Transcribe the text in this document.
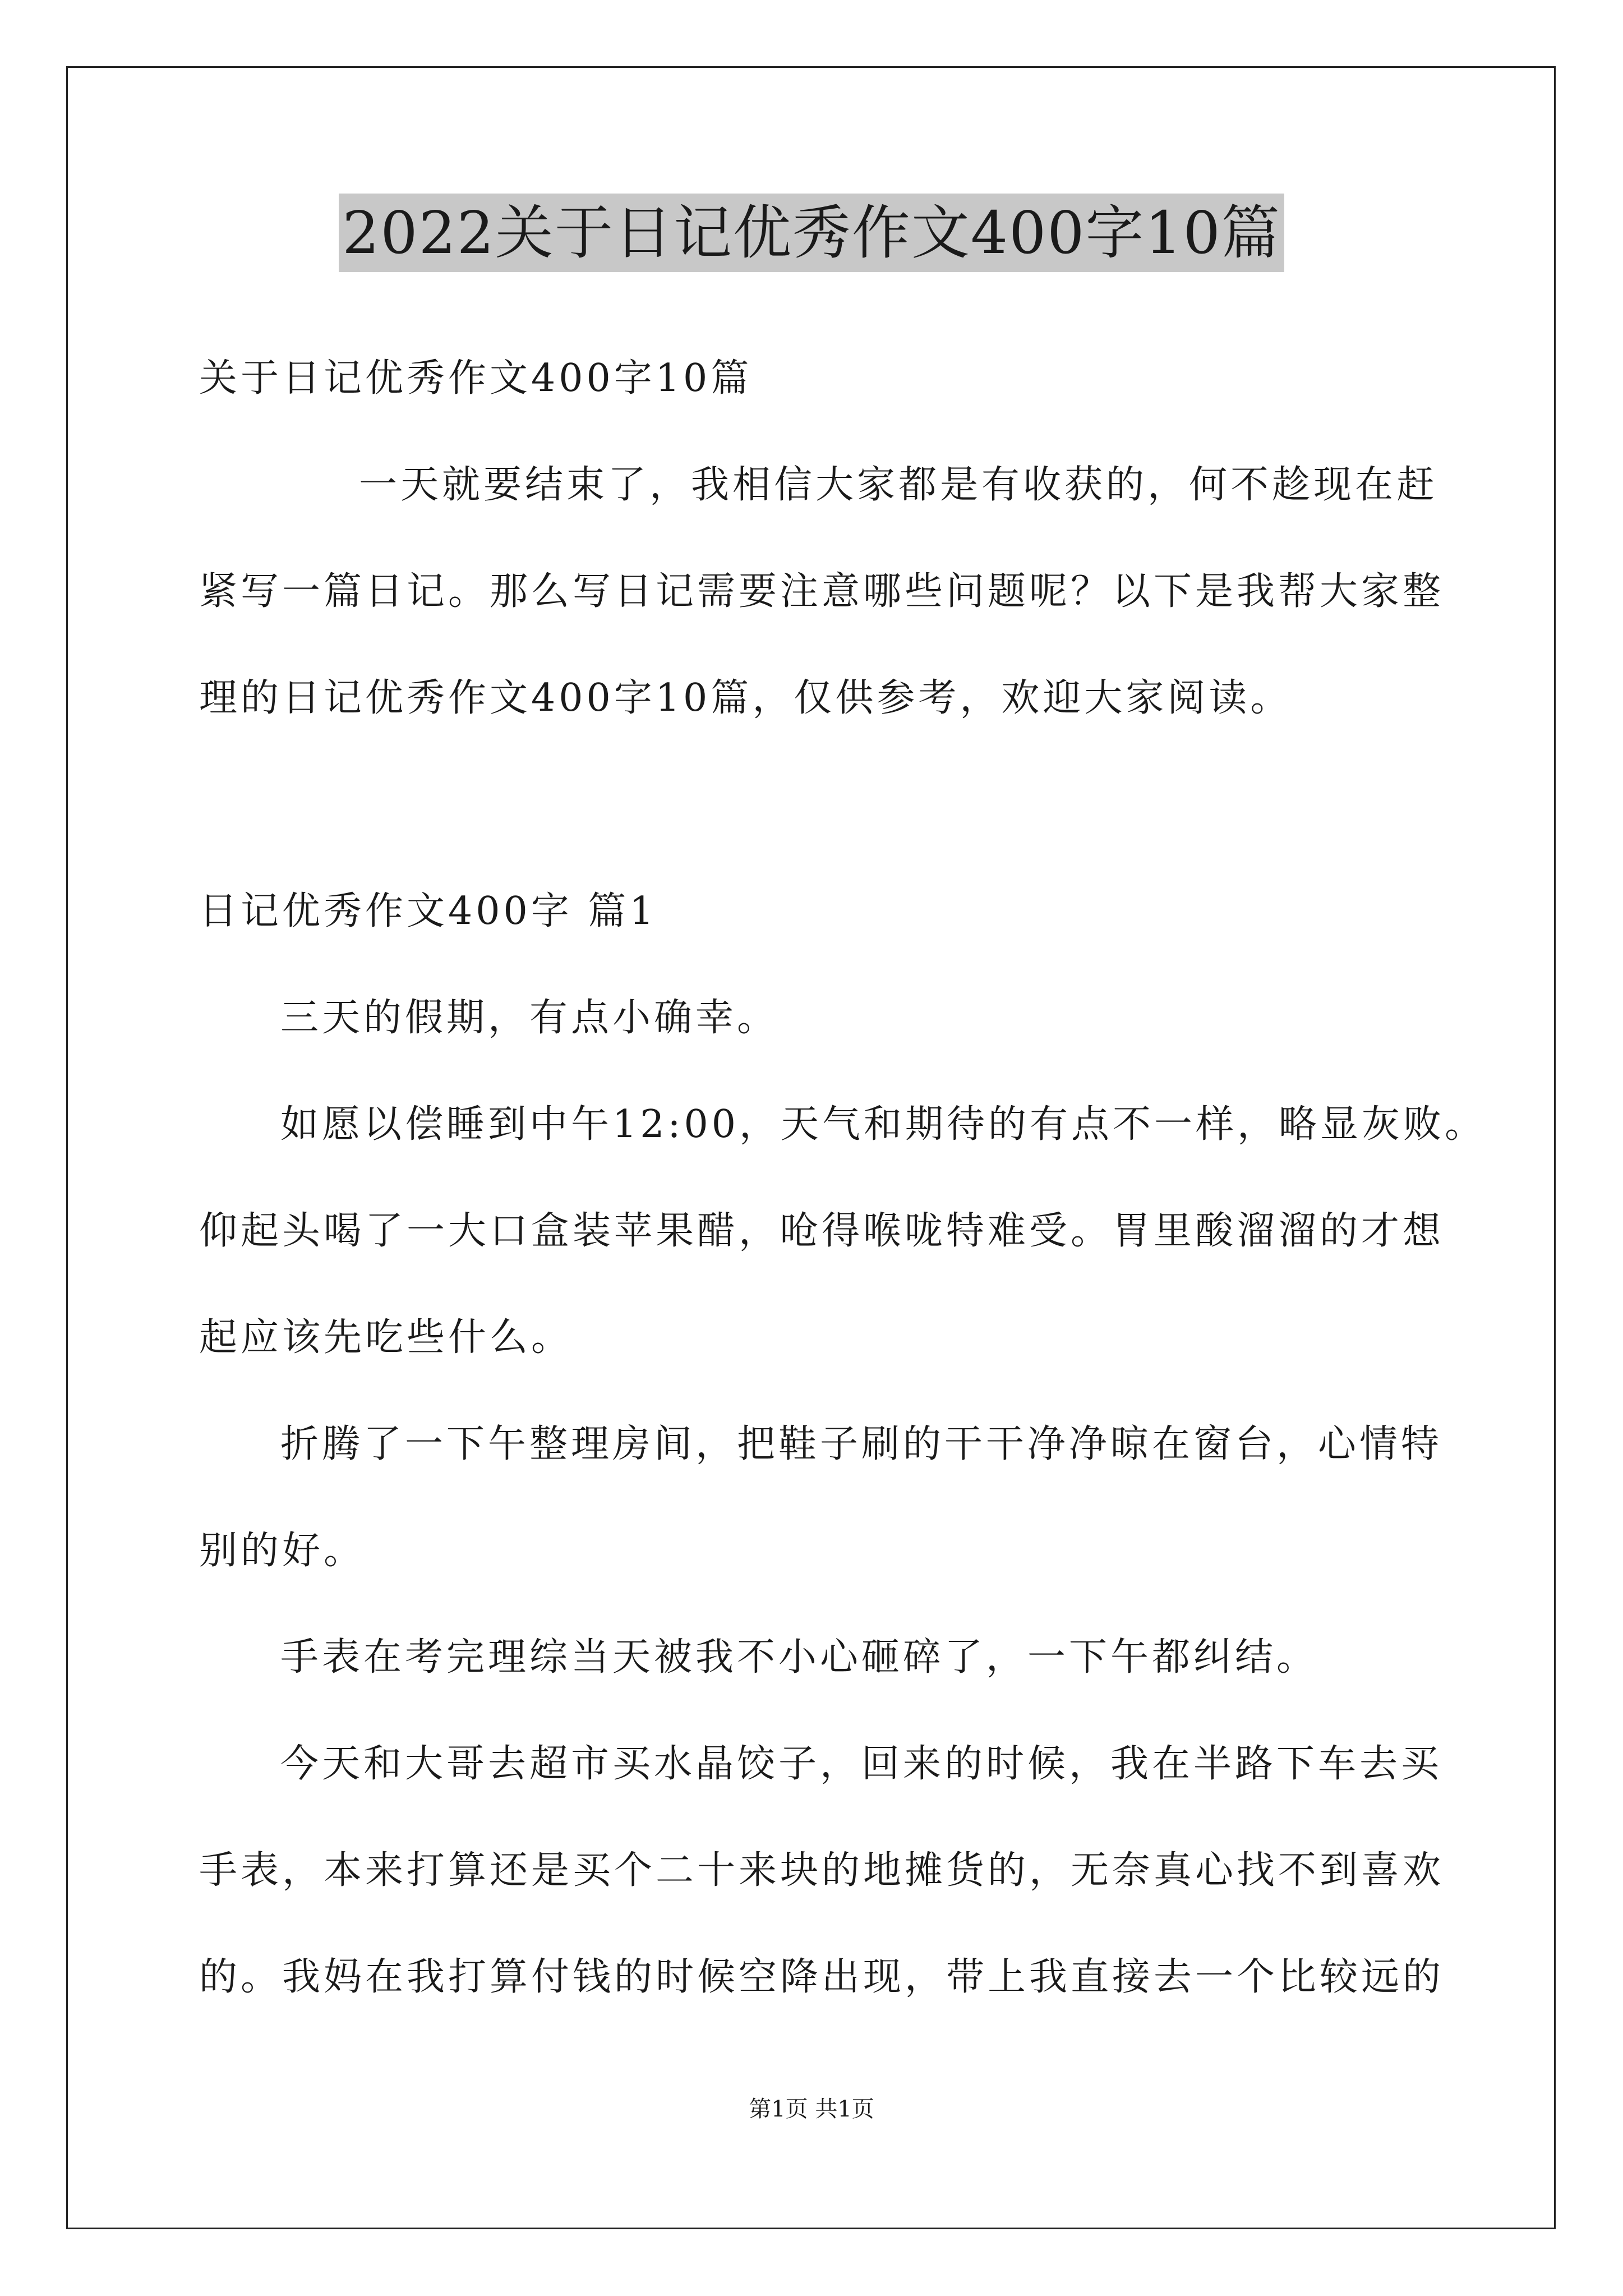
2022关于日记优秀作文400字10篇
关于日记优秀作文400字10篇
一天就要结束了，我相信大家都是有收获的，何不趁现在赶
紧写一篇日记。那么写日记需要注意哪些问题呢？以下是我帮大家整
理的日记优秀作文400字10篇，仅供参考，欢迎大家阅读。
日记优秀作文400字 篇1
三天的假期，有点小确幸。
如愿以偿睡到中午12:00，天气和期待的有点不一样，略显灰败。
仰起头喝了一大口盒装苹果醋，呛得喉咙特难受。胃里酸溜溜的才想
起应该先吃些什么。
折腾了一下午整理房间，把鞋子刷的干干净净晾在窗台，心情特
别的好。
手表在考完理综当天被我不小心砸碎了，一下午都纠结。
今天和大哥去超市买水晶饺子，回来的时候，我在半路下车去买
手表，本来打算还是买个二十来块的地摊货的，无奈真心找不到喜欢
的。我妈在我打算付钱的时候空降出现，带上我直接去一个比较远的
第1页 共1页
